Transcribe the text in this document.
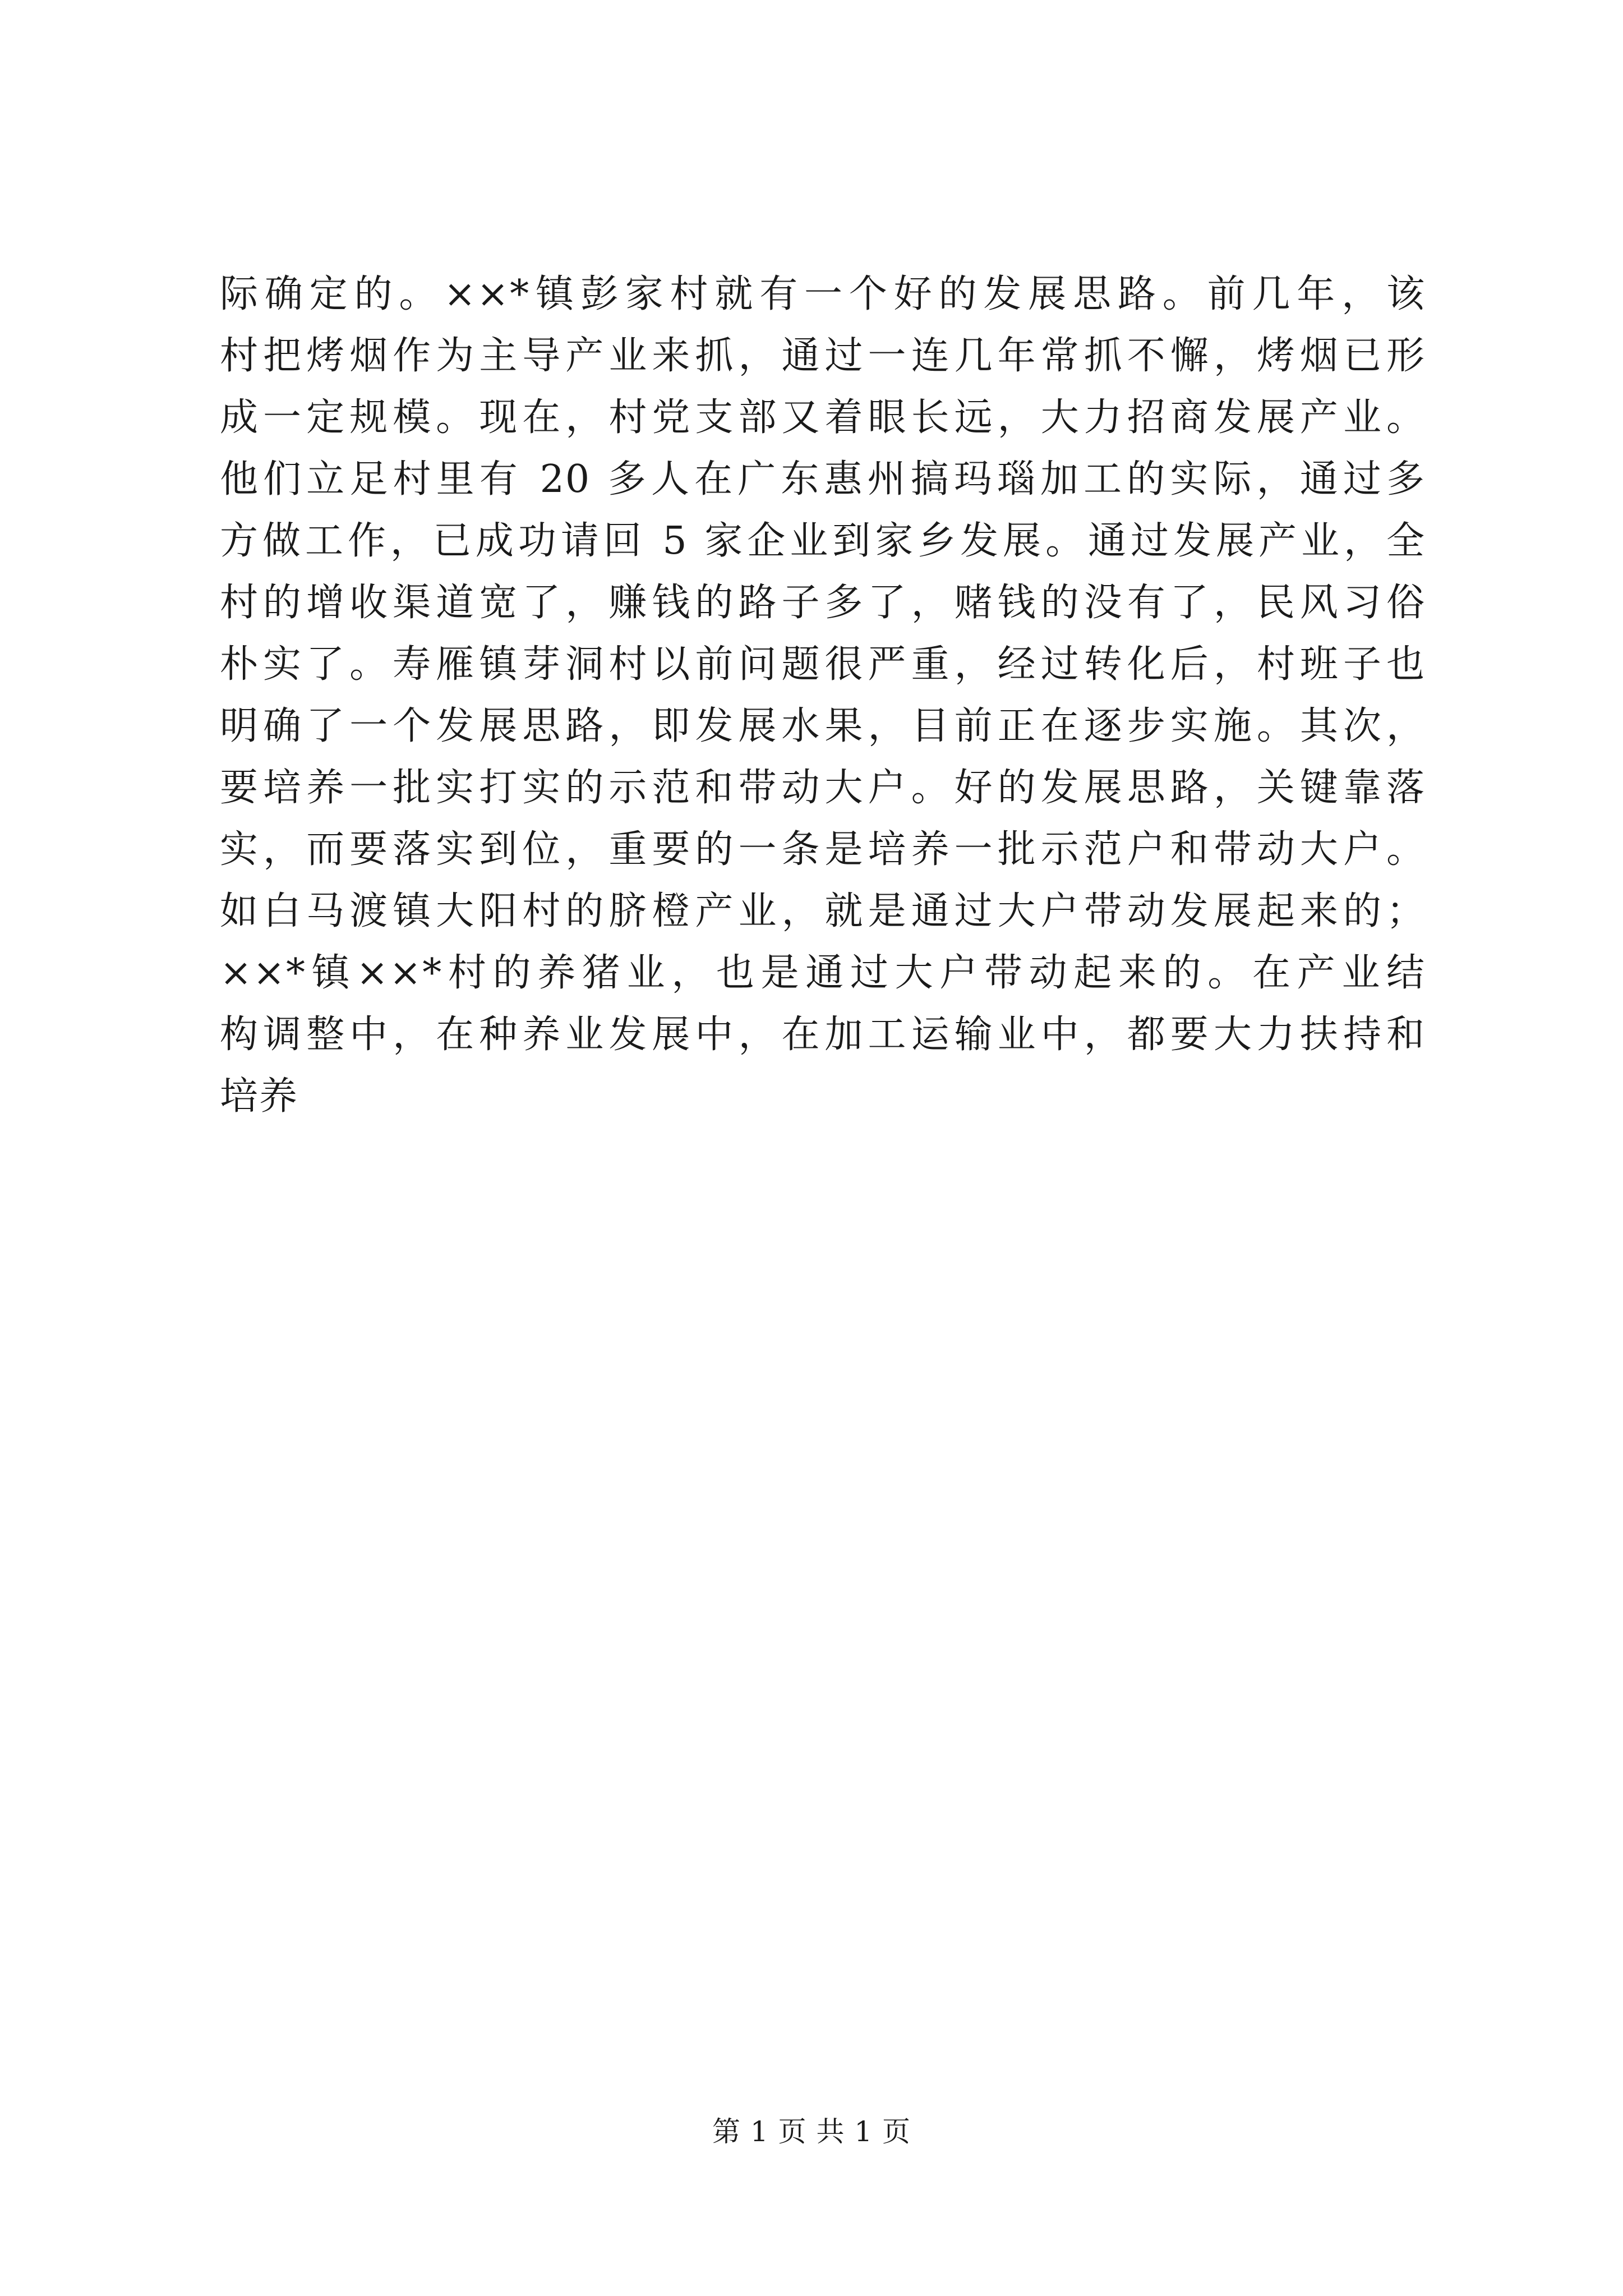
际确定的。××*镇彭家村就有一个好的发展思路。前几年，该
村把烤烟作为主导产业来抓，通过一连几年常抓不懈，烤烟已形
成一定规模。现在，村党支部又着眼长远，大力招商发展产业。
他们立足村里有 20 多人在广东惠州搞玛瑙加工的实际，通过多
方做工作，已成功请回 5 家企业到家乡发展。通过发展产业，全
村的增收渠道宽了，赚钱的路子多了，赌钱的没有了，民风习俗
朴实了。寿雁镇芽洞村以前问题很严重，经过转化后，村班子也
明确了一个发展思路，即发展水果，目前正在逐步实施。其次，
要培养一批实打实的示范和带动大户。好的发展思路，关键靠落
实，而要落实到位，重要的一条是培养一批示范户和带动大户。
如白马渡镇大阳村的脐橙产业，就是通过大户带动发展起来的；
××*镇××*村的养猪业，也是通过大户带动起来的。在产业结
构调整中，在种养业发展中，在加工运输业中，都要大力扶持和
培养
第 1 页 共 1 页
